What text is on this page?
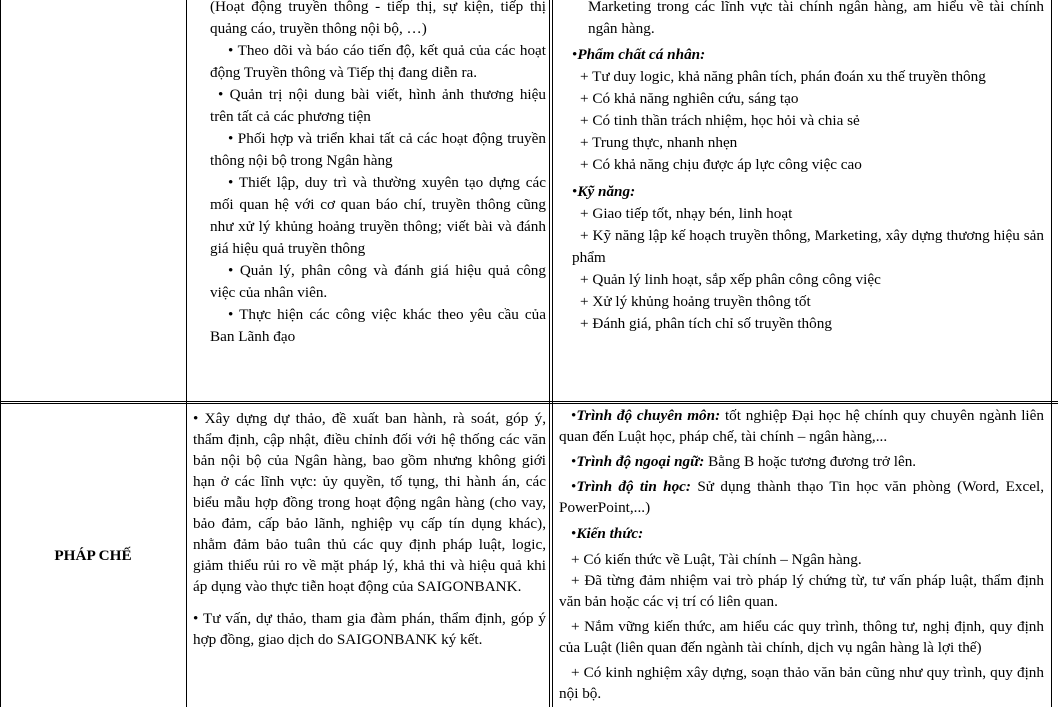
(Hoạt động truyền thông - tiếp thị, sự kiện, tiếp thị quảng cáo, truyền thông nội bộ, …)

• Theo dõi và báo cáo tiến độ, kết quả của các hoạt động Truyền thông và Tiếp thị đang diễn ra.

• Quản trị nội dung bài viết, hình ảnh thương hiệu trên tất cả các phương tiện

• Phối hợp và triển khai tất cả các hoạt động truyền thông nội bộ trong Ngân hàng

• Thiết lập, duy trì và thường xuyên tạo dựng các mối quan hệ với cơ quan báo chí, truyền thông cũng như xử lý khủng hoảng truyền thông; viết bài và đánh giá hiệu quả truyền thông

• Quản lý, phân công và đánh giá hiệu quả công việc của nhân viên.

• Thực hiện các công việc khác theo yêu cầu của Ban Lãnh đạo

Marketing trong các lĩnh vực tài chính ngân hàng, am hiểu về tài chính ngân hàng.

•Phẩm chất cá nhân:

+ Tư duy logic, khả năng phân tích, phán đoán xu thế truyền thông

+ Có khả năng nghiên cứu, sáng tạo

+ Có tinh thần trách nhiệm, học hỏi và chia sẻ

+ Trung thực, nhanh nhẹn

+ Có khả năng chịu được áp lực công việc cao

•Kỹ năng:

+ Giao tiếp tốt, nhạy bén, linh hoạt

+ Kỹ năng lập kế hoạch truyền thông, Marketing, xây dựng thương hiệu sản phẩm

+ Quản lý linh hoạt, sắp xếp phân công công việc

+ Xử lý khủng hoảng truyền thông tốt

+ Đánh giá, phân tích chỉ số truyền thông

PHÁP CHẾ

• Xây dựng dự thảo, đề xuất ban hành, rà soát, góp ý, thẩm định, cập nhật, điều chỉnh đối với hệ thống các văn bản nội bộ của Ngân hàng, bao gồm nhưng không giới hạn ở các lĩnh vực: ủy quyền, tố tụng, thi hành án, các biểu mẫu hợp đồng trong hoạt động ngân hàng (cho vay, bảo đảm, cấp bảo lãnh, nghiệp vụ cấp tín dụng khác), nhằm đảm bảo tuân thủ các quy định pháp luật, logic, giảm thiểu rủi ro về mặt pháp lý, khả thi và hiệu quả khi áp dụng vào thực tiễn hoạt động của SAIGONBANK.

• Tư vấn, dự thảo, tham gia đàm phán, thẩm định, góp ý hợp đồng, giao dịch do SAIGONBANK ký kết.

•Trình độ chuyên môn: tốt nghiệp Đại học hệ chính quy chuyên ngành liên quan đến Luật học, pháp chế, tài chính – ngân hàng,...

•Trình độ ngoại ngữ: Bằng B hoặc tương đương trở lên.

•Trình độ tin học: Sử dụng thành thạo Tin học văn phòng (Word, Excel, PowerPoint,...)

•Kiến thức:

+ Có kiến thức về Luật, Tài chính – Ngân hàng.

+ Đã từng đảm nhiệm vai trò pháp lý chứng từ, tư vấn pháp luật, thẩm định văn bản hoặc các vị trí có liên quan.

+ Nắm vững kiến thức, am hiểu các quy trình, thông tư, nghị định, quy định của Luật (liên quan đến ngành tài chính, dịch vụ ngân hàng là lợi thế)

+ Có kinh nghiệm xây dựng, soạn thảo văn bản cũng như quy trình, quy định nội bộ.
